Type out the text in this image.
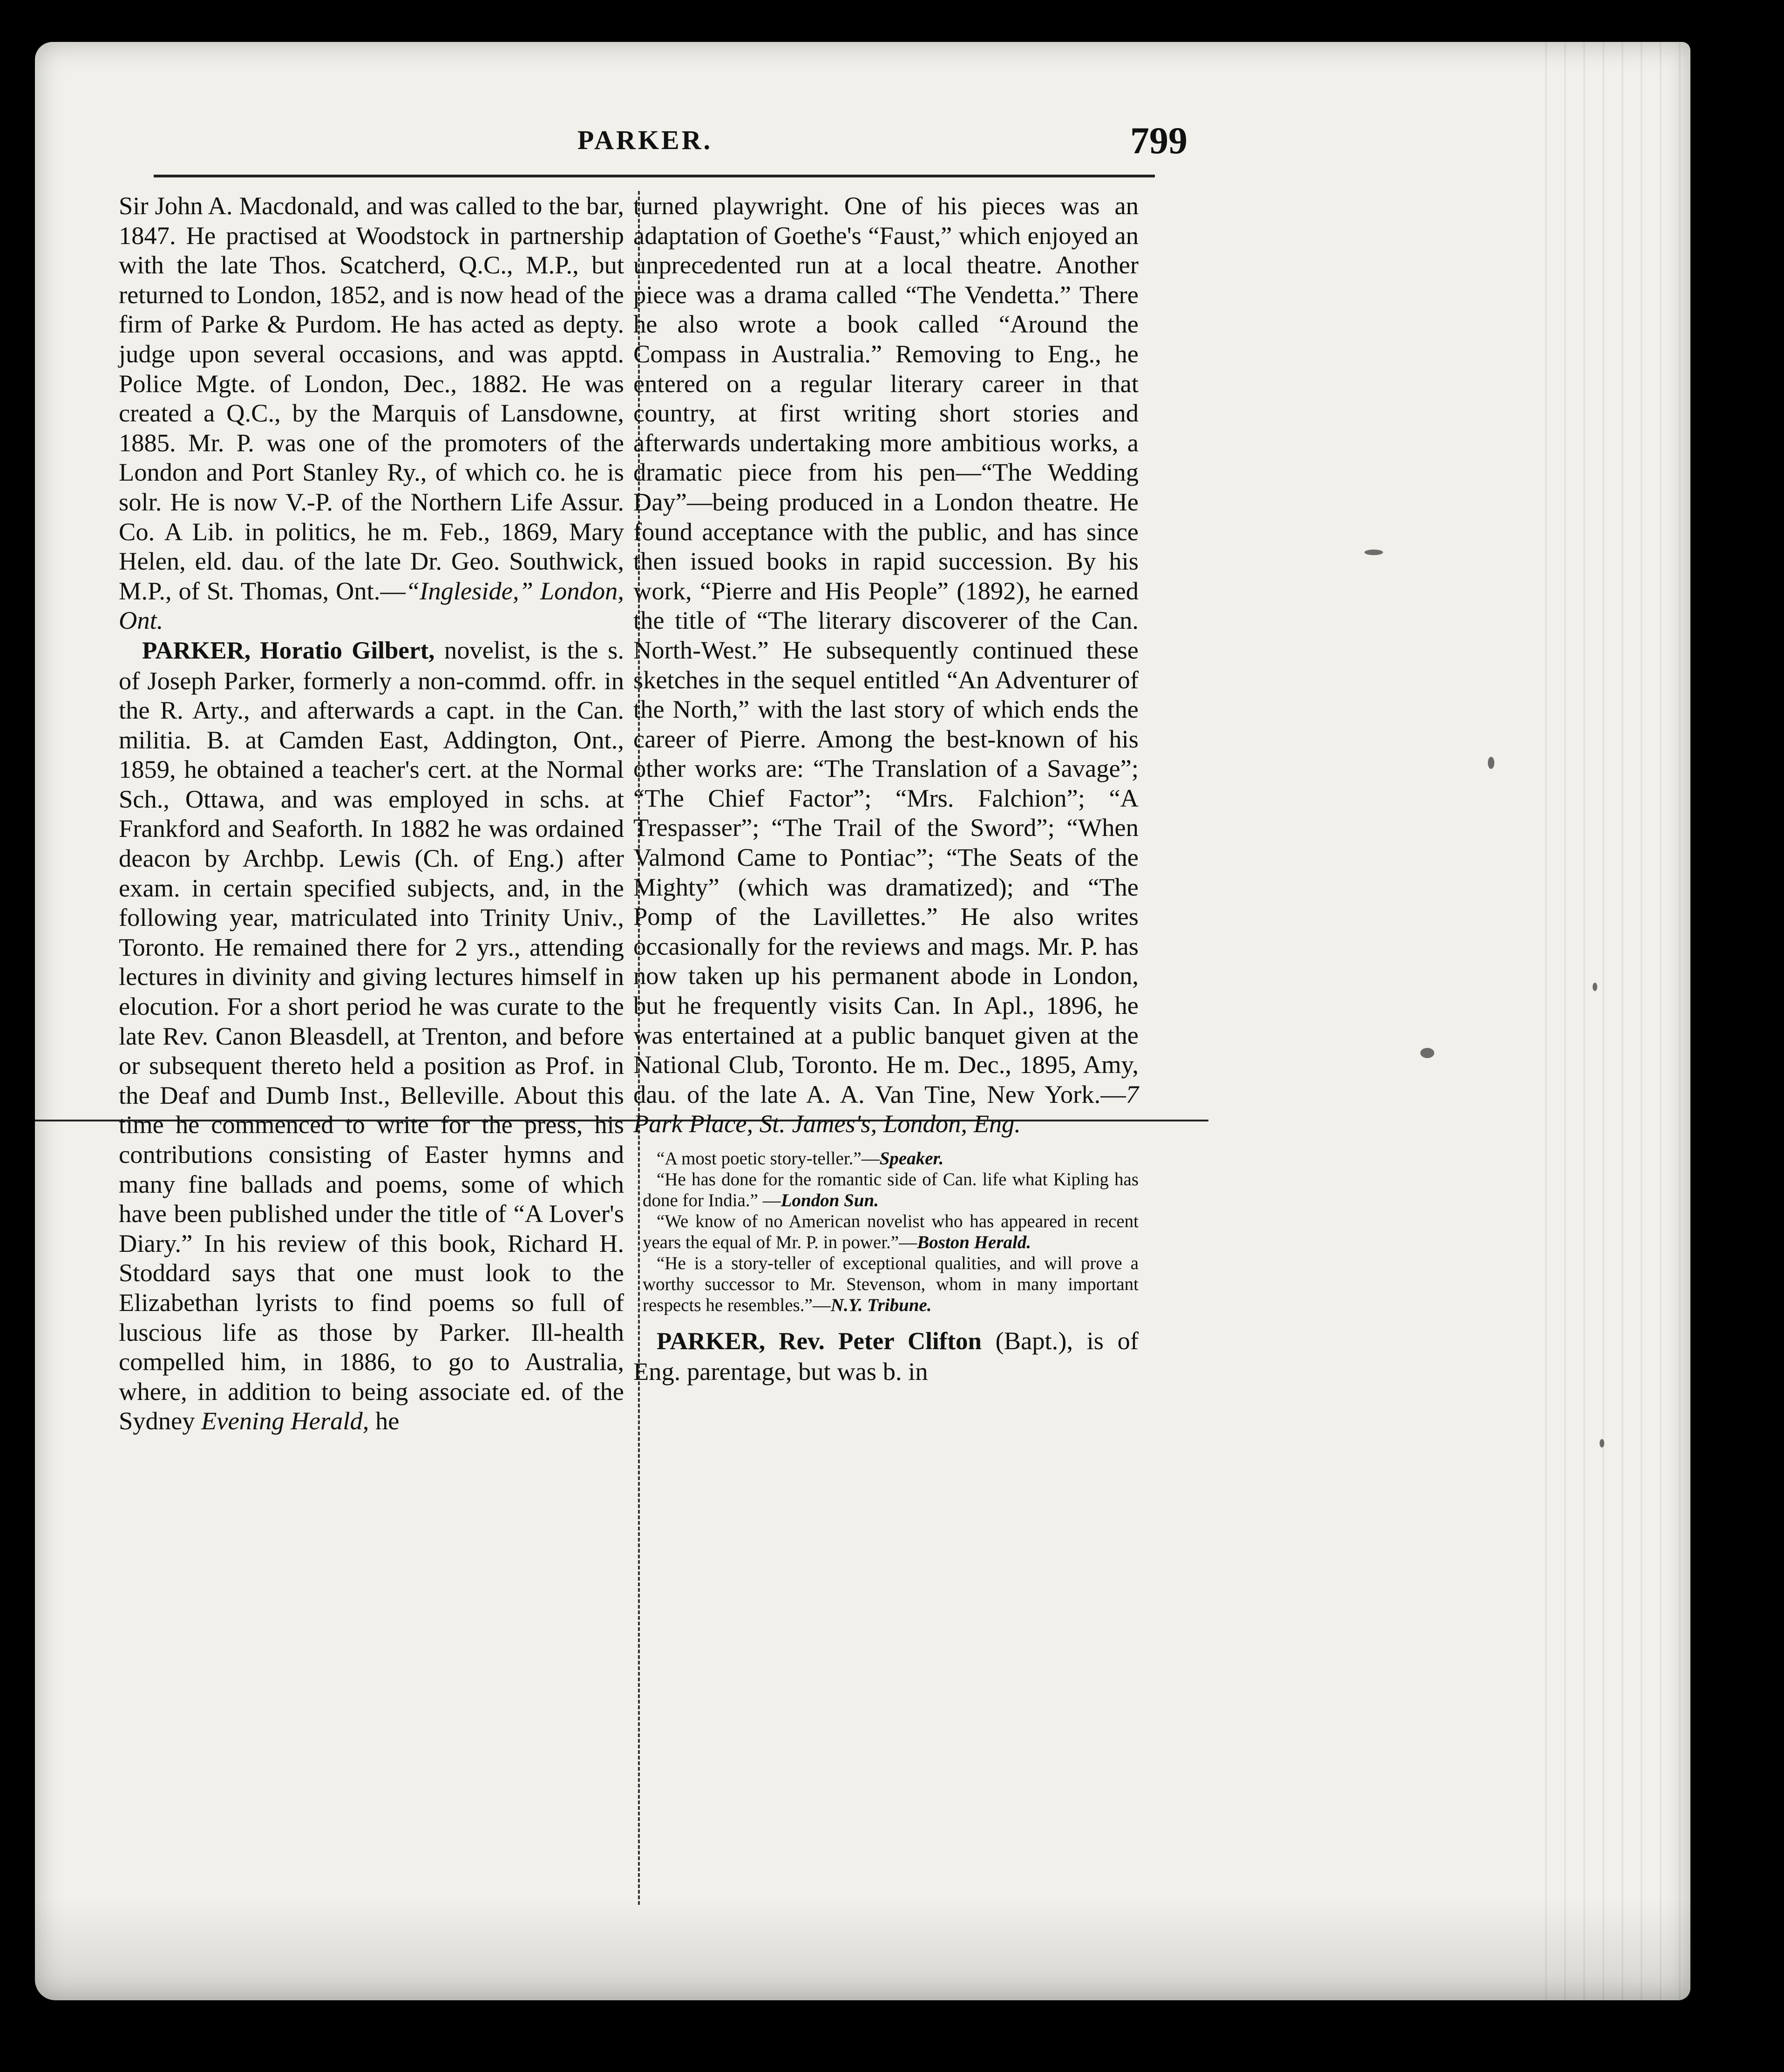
PARKER.	799

Sir John A. Macdonald, and was called to the bar, 1847. He practised at Woodstock in partnership with the late Thos. Scatcherd, Q.C., M.P., but returned to London, 1852, and is now head of the firm of Parke & Purdom. He has acted as depty. judge upon several occasions, and was apptd. Police Mgte. of London, Dec., 1882. He was created a Q.C., by the Marquis of Lansdowne, 1885. Mr. P. was one of the promoters of the London and Port Stanley Ry., of which co. he is solr. He is now V.-P. of the Northern Life Assur. Co. A Lib. in politics, he m. Feb., 1869, Mary Helen, eld. dau. of the late Dr. Geo. Southwick, M.P., of St. Thomas, Ont.—“Ingleside,” London, Ont.

PARKER, Horatio Gilbert, novelist, is the s. of Joseph Parker, formerly a non-commd. offr. in the R. Arty., and afterwards a capt. in the Can. militia. B. at Camden East, Addington, Ont., 1859, he obtained a teacher's cert. at the Normal Sch., Ottawa, and was employed in schs. at Frankford and Seaforth. In 1882 he was ordained deacon by Archbp. Lewis (Ch. of Eng.) after exam. in certain specified subjects, and, in the following year, matriculated into Trinity Univ., Toronto. He remained there for 2 yrs., attending lectures in divinity and giving lectures himself in elocution. For a short period he was curate to the late Rev. Canon Bleasdell, at Trenton, and before or subsequent thereto held a position as Prof. in the Deaf and Dumb Inst., Belleville. About this time he commenced to write for the press, his contributions consisting of Easter hymns and many fine ballads and poems, some of which have been published under the title of “A Lover's Diary.” In his review of this book, Richard H. Stoddard says that one must look to the Elizabethan lyrists to find poems so full of luscious life as those by Parker. Ill-health compelled him, in 1886, to go to Australia, where, in addition to being associate ed. of the Sydney Evening Herald, he

turned playwright. One of his pieces was an adaptation of Goethe's “Faust,” which enjoyed an unprecedented run at a local theatre. Another piece was a drama called “The Vendetta.” There he also wrote a book called “Around the Compass in Australia.” Removing to Eng., he entered on a regular literary career in that country, at first writing short stories and afterwards undertaking more ambitious works, a dramatic piece from his pen—“The Wedding Day”—being produced in a London theatre. He found acceptance with the public, and has since then issued books in rapid succession. By his work, “Pierre and His People” (1892), he earned the title of “The literary discoverer of the Can. North-West.” He subsequently continued these sketches in the sequel entitled “An Adventurer of the North,” with the last story of which ends the career of Pierre. Among the best-known of his other works are: “The Translation of a Savage”; “The Chief Factor”; “Mrs. Falchion”; “A Trespasser”; “The Trail of the Sword”; “When Valmond Came to Pontiac”; “The Seats of the Mighty” (which was dramatized); and “The Pomp of the Lavillettes.” He also writes occasionally for the reviews and mags. Mr. P. has now taken up his permanent abode in London, but he frequently visits Can. In Apl., 1896, he was entertained at a public banquet given at the National Club, Toronto. He m. Dec., 1895, Amy, dau. of the late A. A. Van Tine, New York.—7 Park Place, St. James's, London, Eng.

“A most poetic story-teller.”—Speaker.

“He has done for the romantic side of Can. life what Kipling has done for India.” —London Sun.

“We know of no American novelist who has appeared in recent years the equal of Mr. P. in power.”—Boston Herald.

“He is a story-teller of exceptional qualities, and will prove a worthy successor to Mr. Stevenson, whom in many important respects he resembles.”—N.Y. Tribune.

PARKER, Rev. Peter Clifton (Bapt.), is of Eng. parentage, but was b. in
